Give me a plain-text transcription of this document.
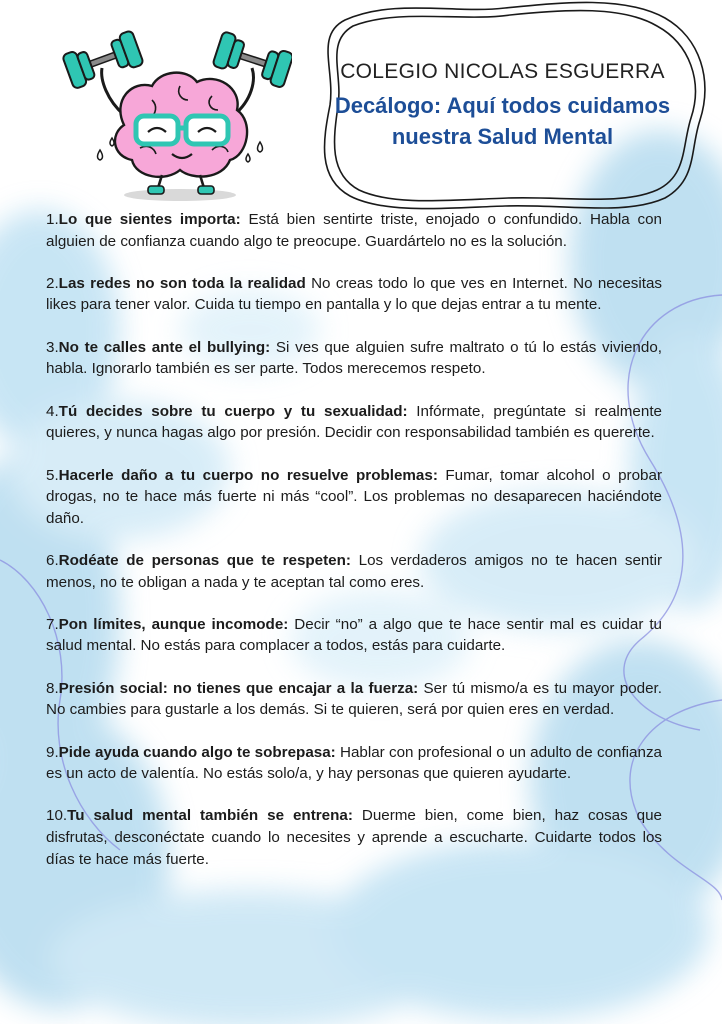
COLEGIO NICOLAS ESGUERRA
Decálogo: Aquí todos cuidamos nuestra Salud Mental

1.Lo que sientes importa: Está bien sentirte triste, enojado o confundido. Habla con alguien de confianza cuando algo te preocupe. Guardártelo no es la solución.

2.Las redes no son toda la realidad No creas todo lo que ves en Internet. No necesitas likes para tener valor. Cuida tu tiempo en pantalla y lo que dejas entrar a tu mente.

3.No te calles ante el bullying: Si ves que alguien sufre maltrato o tú lo estás viviendo, habla. Ignorarlo también es ser parte. Todos merecemos respeto.

4.Tú decides sobre tu cuerpo y tu sexualidad: Infórmate, pregúntate si realmente quieres, y nunca hagas algo por presión. Decidir con responsabilidad también es quererte.

5.Hacerle daño a tu cuerpo no resuelve problemas: Fumar, tomar alcohol o probar drogas, no te hace más fuerte ni más “cool”. Los problemas no desaparecen haciéndote daño.

6.Rodéate de personas que te respeten: Los verdaderos amigos no te hacen sentir menos, no te obligan a nada y te aceptan tal como eres.

7.Pon límites, aunque incomode: Decir “no” a algo que te hace sentir mal es cuidar tu salud mental. No estás para complacer a todos, estás para cuidarte.

8.Presión social: no tienes que encajar a la fuerza: Ser tú mismo/a es tu mayor poder. No cambies para gustarle a los demás. Si te quieren, será por quien eres en verdad.

9.Pide ayuda cuando algo te sobrepasa: Hablar con profesional o un adulto de confianza es un acto de valentía. No estás solo/a, y hay personas que quieren ayudarte.

10.Tu salud mental también se entrena: Duerme bien, come bien, haz cosas que disfrutas, desconéctate cuando lo necesites y aprende a escucharte. Cuidarte todos los días te hace más fuerte.
